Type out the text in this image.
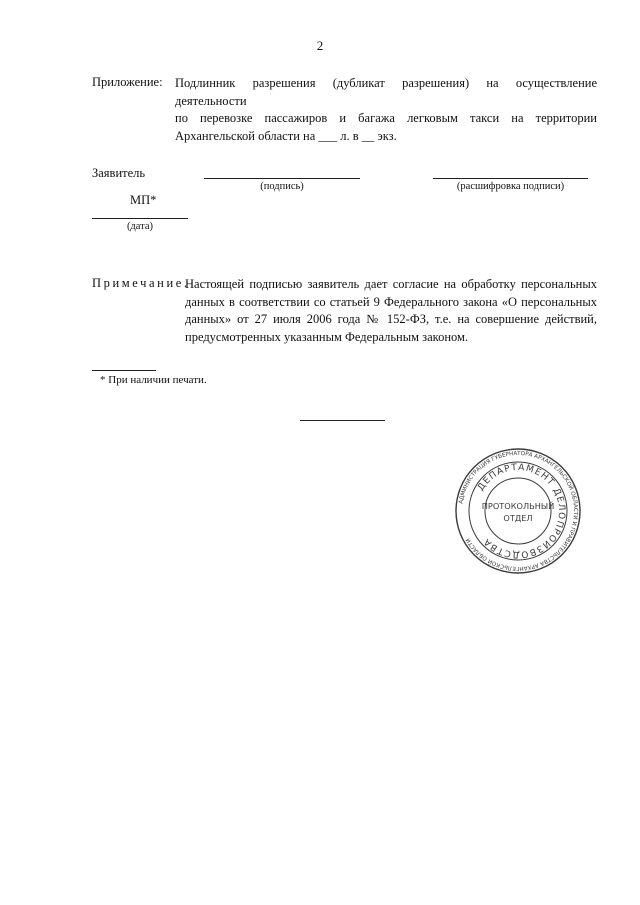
2
Приложение: Подлинник разрешения (дубликат разрешения) на осуществление деятельности
по перевозке пассажиров и багажа легковым такси на территории
Архангельской области на ___ л. в __ экз.
Заявитель
(подпись)	(расшифровка подписи)
МП*
(дата)
Примечание.
Настоящей подписью заявитель дает согласие на обработку персональных
данных в соответствии со статьей 9 Федерального закона «О персональных
данных» от 27 июля 2006 года № 152-ФЗ, т.е. на совершение действий,
предусмотренных указанным Федеральным законом.
* При наличии печати.
АДМИНИСТРАЦИЯ ГУБЕРНАТОРА АРХАНГЕЛЬСКОЙ ОБЛАСТИ И ПРАВИТЕЛЬСТВА АРХАНГЕЛЬСКОЙ ОБЛАСТИ
ДЕПАРТАМЕНТ ДЕЛОПРОИЗВОДСТВА
ПРОТОКОЛЬНЫЙ
ОТДЕЛ
